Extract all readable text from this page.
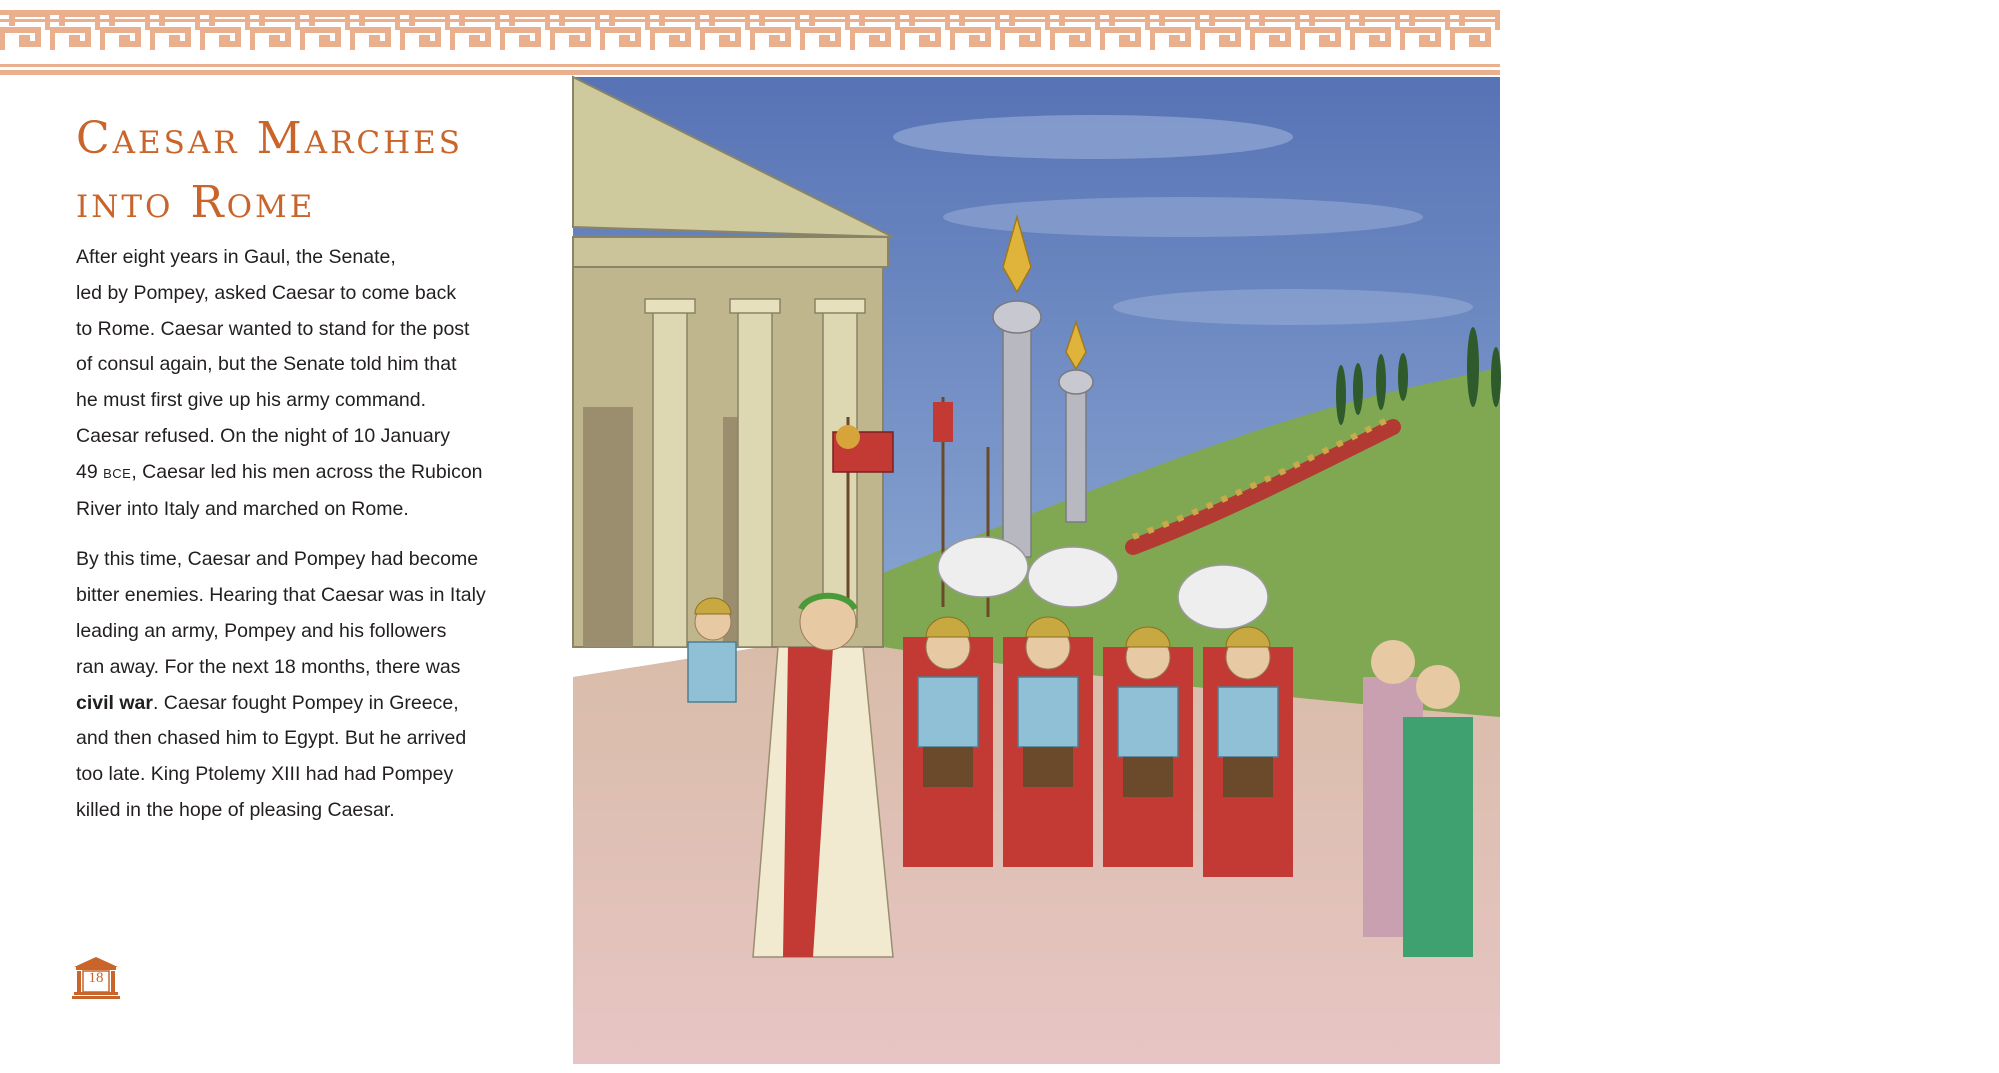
Caesar Marches
into Rome

After eight years in Gaul, the Senate,
led by Pompey, asked Caesar to come back
to Rome. Caesar wanted to stand for the post
of consul again, but the Senate told him that
he must first give up his army command.
Caesar refused. On the night of 10 January
49 BCE, Caesar led his men across the Rubicon
River into Italy and marched on Rome.

By this time, Caesar and Pompey had become
bitter enemies. Hearing that Caesar was in Italy
leading an army, Pompey and his followers
ran away. For the next 18 months, there was
civil war. Caesar fought Pompey in Greece,
and then chased him to Egypt. But he arrived
too late. King Ptolemy XIII had had Pompey
killed in the hope of pleasing Caesar.

18
19
